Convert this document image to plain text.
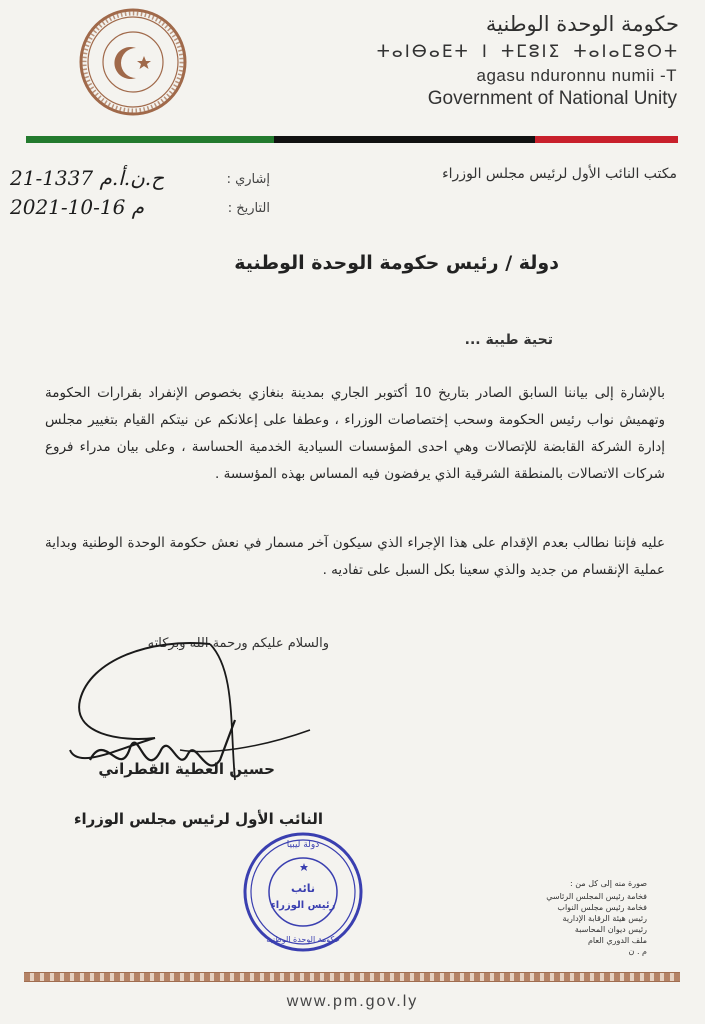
حكومة الوحدة الوطنية
ⵜⴰⵏⴱⴰⴹⵜ ⵏ ⵜⵎⵓⵏⵉ ⵜⴰⵏⴰⵎⵓⵔⵜ
agasu nduronnu numii -T
Government of National Unity
مكتب النائب الأول لرئيس مجلس الوزراء
إشاري :
21-1337 ح.ن.أ.م
التاريخ :
2021-10-16 م
دولة / رئيس حكومة الوحدة الوطنية
تحية طيبة ...
بالإشارة إلى بياننا السابق الصادر بتاريخ 10 أكتوبر الجاري بمدينة بنغازي بخصوص الإنفراد بقرارات الحكومة وتهميش نواب رئيس الحكومة وسحب إختصاصات الوزراء ، وعطفا على إعلانكم عن نيتكم القيام بتغيير مجلس إدارة الشركة القابضة للإتصالات وهي احدى المؤسسات السيادية الخدمية الحساسة ، وعلى بيان مدراء فروع شركات الاتصالات بالمنطقة الشرقية الذي يرفضون فيه المساس بهذه المؤسسة .
عليه فإننا نطالب بعدم الإقدام على هذا الإجراء الذي سيكون آخر مسمار في نعش حكومة الوحدة الوطنية وبداية عملية الإنقسام من جديد والذي سعينا بكل السبل على تفاديه .
والسلام عليكم ورحمة الله وبركاته
حسين العطية القطراني
النائب الأول لرئيس مجلس الوزراء
دولة ليبيا
نائب
رئيس الوزراء
حكومة الوحدة الوطنية
صورة منه إلى كل من :
فخامة رئيس المجلس الرئاسي
فخامة رئيس مجلس النواب
رئيس هيئة الرقابة الإدارية
رئيس ديوان المحاسبة
ملف الدوري العام
م . ن
www.pm.gov.ly
